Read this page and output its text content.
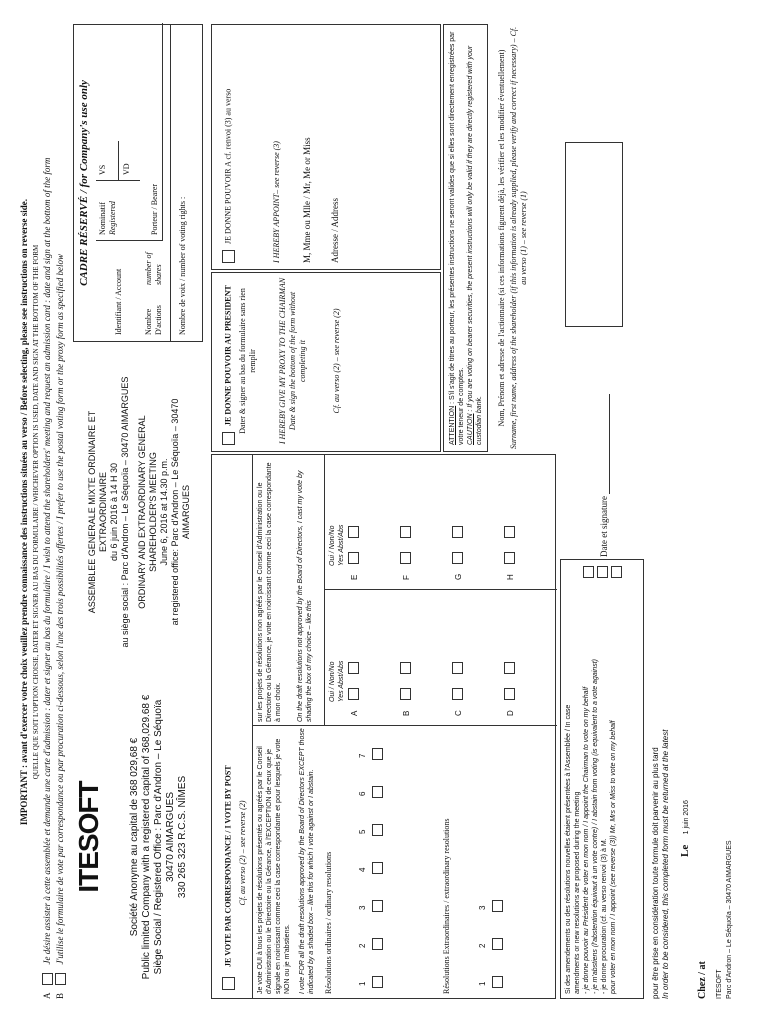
IMPORTANT : avant d'exercer votre choix veuillez prendre connaissance des instructions situées au verso / Before selecting, please see instructions on reverse side. QUELLE QUE SOIT L'OPTION CHOISIE, DATER ET SIGNER AU BAS DU FORMULAIRE / WHICHEVER OPTION IS USED, DATE AND SIGN AT THE BOTTOM OF THE FORM
A  Je désire assister à cette assemblée et demande une carte d'admission : dater et signer au bas du formulaire / I wish to attend the shareholders' meeting and request an admission card : date and sign at the bottom of the form
B  J'utilise le formulaire de vote par correspondance ou par procuration ci-dessous, selon l'une des trois possibilités offertes / I prefer to use the postal voting form or the proxy form as specified below ITESOFT	Société Anonyme au capital de 368 029,68 € Public limited Company with a registered capital of 368,029.68 € Siège Social / Registered Office : Parc d'Andron – Le Séquoïa 30470 AIMARGUES 330 265 323 R.C.S. NÎMES
ASSEMBLEE GENERALE MIXTE ORDINAIRE ET EXTRAORDINAIRE du 6 juin 2016 à 14 H 30 au siège social : Parc d'Andron – Le Séquoïa – 30470 AIMARGUES ORDINARY AND EXTRAORDINARY GENERAL SHAREHOLDER'S MEETING June 6, 2016 at 14.30 p.m. at registered office: Parc d'Andron – Le Séquoïa – 30470 AIMARGUES
CADRE RÉSERVÉ / for Company's use only
Identifiant / Account
Nominatif Registered
VS VD
Nombre D'actions
number of shares
Porteur / Bearer Nombre de voix / number of voting rights :
JE VOTE PAR CORRESPONDANCE / I VOTE BY POST Cf. au verso (2) – see reverse (2) Je vote OUI à tous les projets de résolutions présentés ou agréés par le Conseil d'Administration ou le Directoire ou la Gérance, à l'EXCEPTION de ceux que je signale en noircissant comme ceci la case correspondante et pour lesquels je vote NON ou je m'abstiens. I vote FOR all the draft resolutions approved by the Board of Directors EXCEPT those indicated by a shaded box – like this for which I vote against or I abstain. Résolutions ordinaires / ordinary resolutions	1
2
3
4
5
6
7
Résolutions Extraordinaires / extraordinary resolutions	1
2
3
sur les projets de résolutions non agréés par le Conseil d'Administration ou le Directoire ou la Gérance, je vote en noircissant comme ceci la case correspondante à mon choix. On the draft resolutions not approved by the Board of Directors, I cast my vote by shading the box of my choice – like this Oui / Non/No
Yes Abst/Abs
A	B	C	D
Oui / Non/No
Yes Abst/Abs
E	F	G	H
JE DONNE POUVOIR AU PRESIDENT Dater & signer au bas du formulaire sans rien remplir	I HEREBY GIVE MY PROXY TO THE CHAIRMAN Date & sign the bottom of the form without completing it	Cf. au verso (2) – see reverse (2)
JE DONNE POUVOIR A cf. renvoi (3) au verso	I HEREBY APPOINT– see reverse (3) M, Mme ou Mlle / Mr, Me or Miss Adresse / Address
ATTENTION : S'il s'agit de titres au porteur, les présentes instructions ne seront valides que si elles sont directement enregistrées par votre teneur de comptes. CAUTION : If you are voting on bearer securities, the present instructions will only be valid if they are directly registered with your custodian bank. Nom, Prénom et adresse de l'actionnaire (si ces informations figurent déjà, les vérifier et les modifier éventuellement) Surname, first name, address of the shareholder (if this information is already supplied, please verify and correct if necessary) – Cf. au verso (1) – see reverse (1)
Si des amendements ou des résolutions nouvelles étaient présentées à l'Assemblée / In case amendments or new resolutions are proposed during the meeting - je donne pouvoir au Président de voter en mon nom / I appoint the Chairman to vote on my behalf - je m'abstiens (l'abstention équivaut à un vote contre) / I abstain from voting (is equivalent to a vote against) - je donne procuration (cf. au verso renvoi (3) à M. pour voter en mon nom / I appoint (see reverse (3)) Mr, Mrs or Miss to vote on my behalf
Date et signature
pour être prise en considération toute formule doit parvenir au plus tard In order to be considered, this completed form must be returned at the latest Le 1 juin 2016
Chez / at ITESOFT Parc d'Andron – Le Séquoïa – 30470 AIMARGUES
